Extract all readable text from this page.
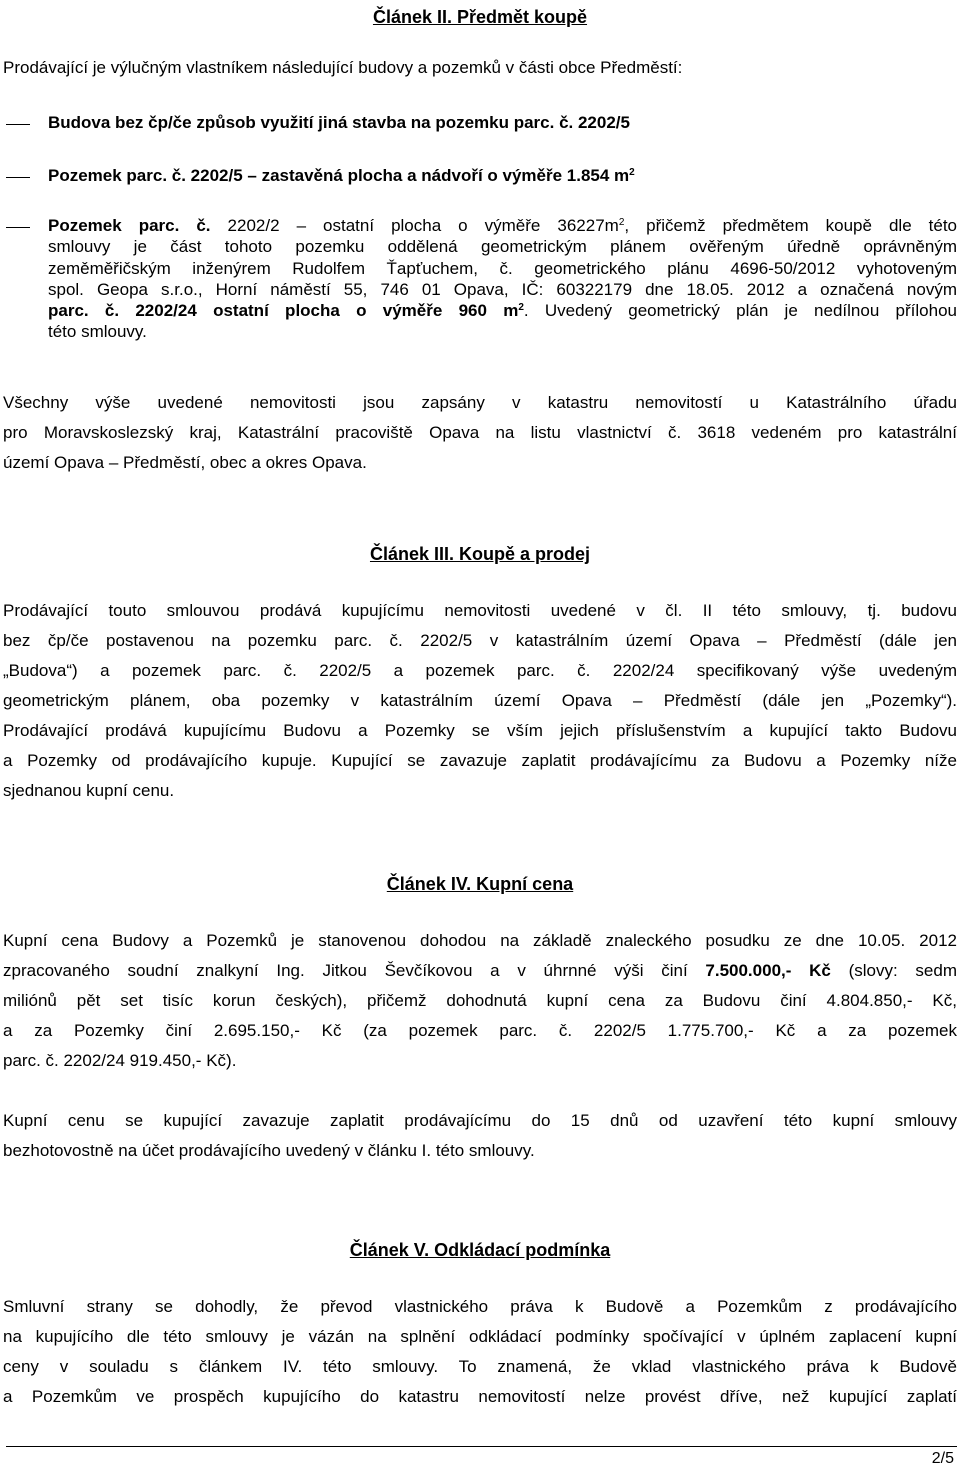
Článek II. Předmět koupě
Prodávající je výlučným vlastníkem následující budovy a pozemků v části obce Předměstí:
Budova bez čp/če způsob využití jiná stavba na pozemku parc. č. 2202/5
Pozemek parc. č. 2202/5 – zastavěná plocha a nádvoří o výměře 1.854 $m^2$
Pozemek parc. č. 2202/2 – ostatní plocha o výměře $36227m^2$, přičemž předmětem koupě dle této
smlouvy je část tohoto pozemku oddělená geometrickým plánem ověřeným úředně oprávněným
zeměměřičským inženýrem Rudolfem Ťapťuchem, č. geometrického plánu 4696-50/2012 vyhotoveným
spol. Geopa s.r.o., Horní náměstí 55, 746 01 Opava, IČ: 60322179 dne 18.05. 2012 a označená novým
parc. č. 2202/24 ostatní plocha o výměře 960 $m^2$. Uvedený geometrický plán je nedílnou přílohou
této smlouvy.
Všechny výše uvedené nemovitosti jsou zapsány v katastru nemovitostí u Katastrálního úřadu
pro Moravskoslezský kraj, Katastrální pracoviště Opava na listu vlastnictví č. 3618 vedeném pro katastrální
území Opava – Předměstí, obec a okres Opava.
Článek III. Koupě a prodej
Prodávající touto smlouvou prodává kupujícímu nemovitosti uvedené v čl. II této smlouvy, tj. budovu
bez čp/če postavenou na pozemku parc. č. 2202/5 v katastrálním území Opava – Předměstí (dále jen
„Budova“) a pozemek parc. č. 2202/5 a pozemek parc. č. 2202/24 specifikovaný výše uvedeným
geometrickým plánem, oba pozemky v katastrálním území Opava – Předměstí (dále jen „Pozemky“).
Prodávající prodává kupujícímu Budovu a Pozemky se vším jejich příslušenstvím a kupující takto Budovu
a Pozemky od prodávajícího kupuje. Kupující se zavazuje zaplatit prodávajícímu za Budovu a Pozemky níže
sjednanou kupní cenu.
Článek IV. Kupní cena
Kupní cena Budovy a Pozemků je stanovenou dohodou na základě znaleckého posudku ze dne 10.05. 2012
zpracovaného soudní znalkyní Ing. Jitkou Ševčíkovou a v úhrnné výši činí 7.500.000,- Kč (slovy: sedm
miliónů pět set tisíc korun českých), přičemž dohodnutá kupní cena za Budovu činí 4.804.850,- Kč,
a za Pozemky činí 2.695.150,- Kč (za pozemek parc. č. 2202/5 1.775.700,- Kč a za pozemek
parc. č. 2202/24 919.450,- Kč).
Kupní cenu se kupující zavazuje zaplatit prodávajícímu do 15 dnů od uzavření této kupní smlouvy
bezhotovostně na účet prodávajícího uvedený v článku I. této smlouvy.
Článek V. Odkládací podmínka
Smluvní strany se dohodly, že převod vlastnického práva k Budově a Pozemkům z prodávajícího
na kupujícího dle této smlouvy je vázán na splnění odkládací podmínky spočívající v úplném zaplacení kupní
ceny v souladu s článkem IV. této smlouvy. To znamená, že vklad vlastnického práva k Budově
a Pozemkům ve prospěch kupujícího do katastru nemovitostí nelze provést dříve, než kupující zaplatí
2/5
